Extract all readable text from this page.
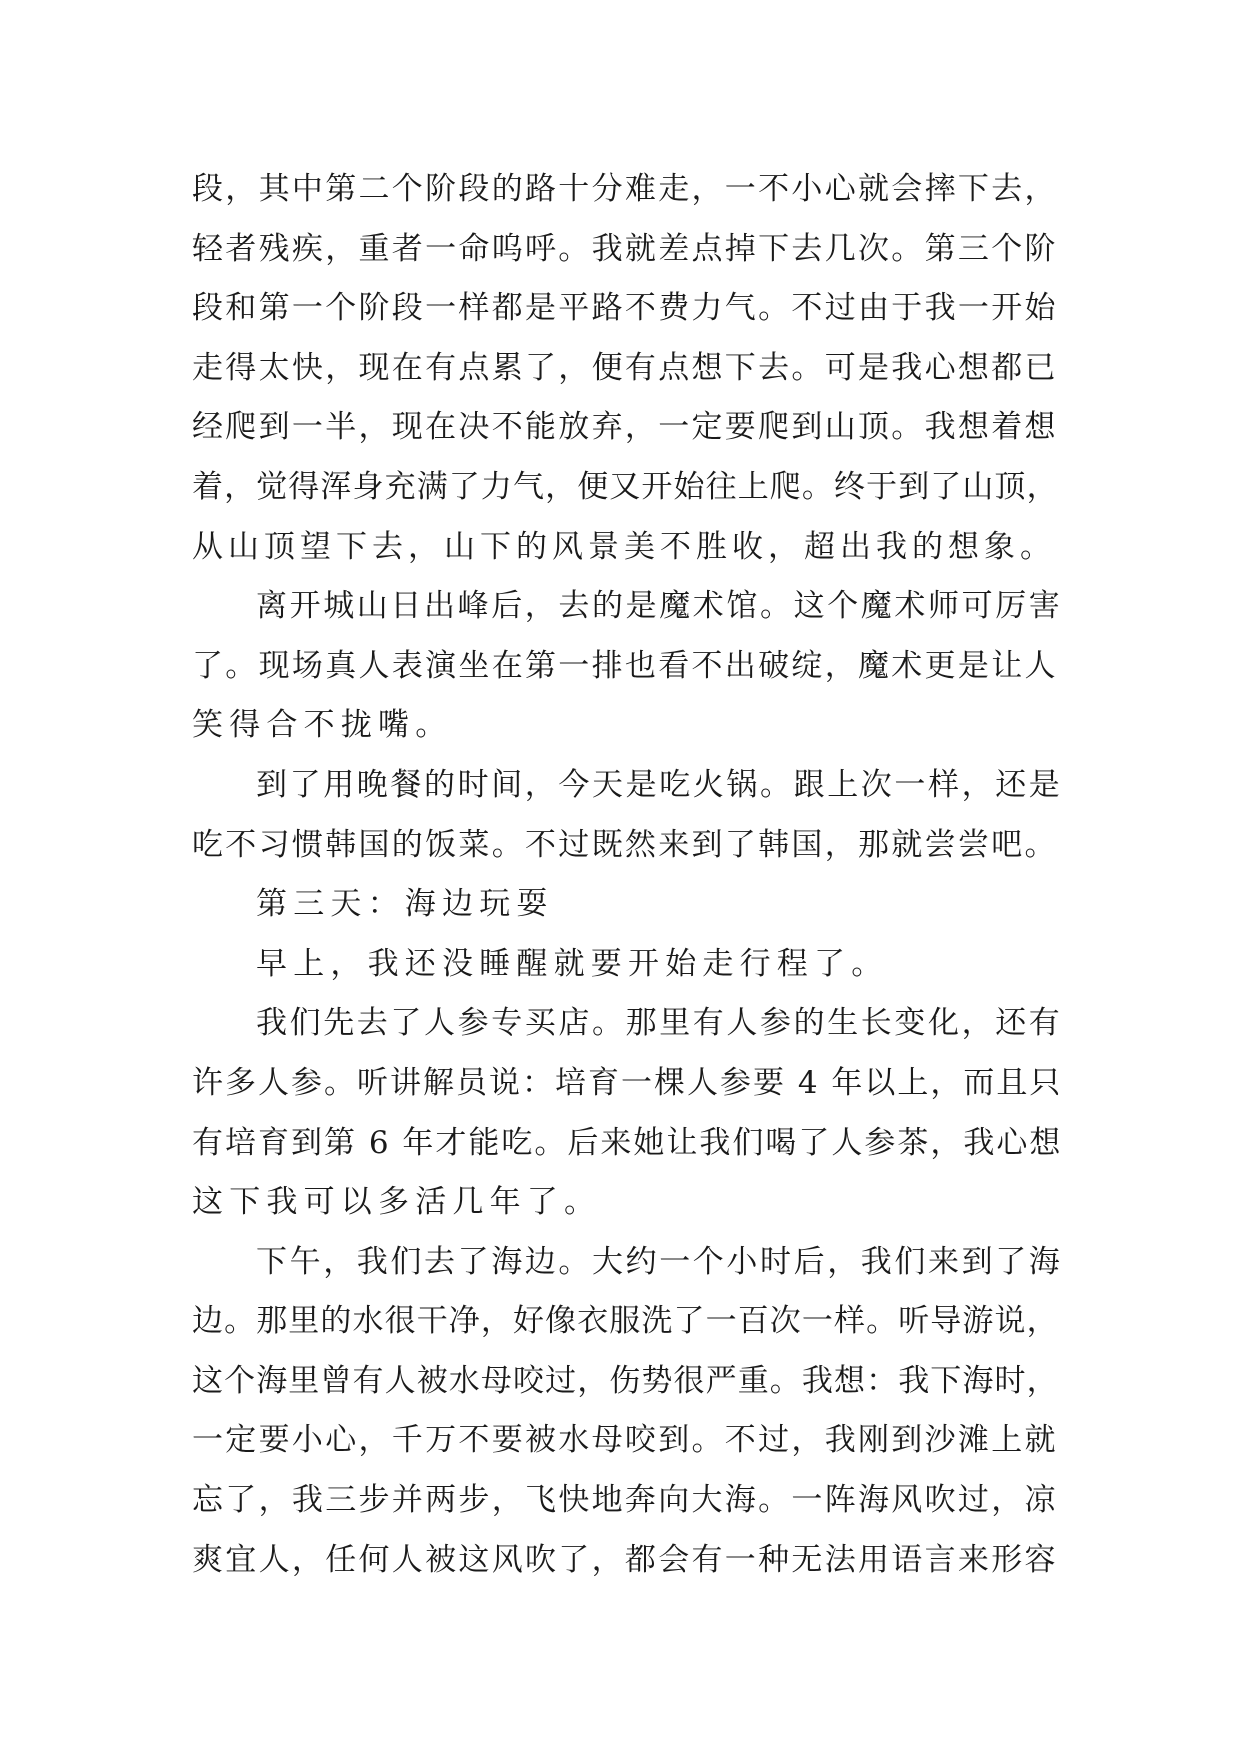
段，其中第二个阶段的路十分难走，一不小心就会摔下去，
轻者残疾，重者一命呜呼。我就差点掉下去几次。第三个阶
段和第一个阶段一样都是平路不费力气。不过由于我一开始
走得太快，现在有点累了，便有点想下去。可是我心想都已
经爬到一半，现在决不能放弃，一定要爬到山顶。我想着想
着，觉得浑身充满了力气，便又开始往上爬。终于到了山顶，
从山顶望下去，山下的风景美不胜收，超出我的想象。
离开城山日出峰后，去的是魔术馆。这个魔术师可厉害
了。现场真人表演坐在第一排也看不出破绽，魔术更是让人
笑得合不拢嘴。
到了用晚餐的时间，今天是吃火锅。跟上次一样，还是
吃不习惯韩国的饭菜。不过既然来到了韩国，那就尝尝吧。
第三天：海边玩耍
早上，我还没睡醒就要开始走行程了。
我们先去了人参专买店。那里有人参的生长变化，还有
许多人参。听讲解员说：培育一棵人参要 4 年以上，而且只
有培育到第 6 年才能吃。后来她让我们喝了人参茶，我心想
这下我可以多活几年了。
下午，我们去了海边。大约一个小时后，我们来到了海
边。那里的水很干净，好像衣服洗了一百次一样。听导游说，
这个海里曾有人被水母咬过，伤势很严重。我想：我下海时，
一定要小心，千万不要被水母咬到。不过，我刚到沙滩上就
忘了，我三步并两步，飞快地奔向大海。一阵海风吹过，凉
爽宜人，任何人被这风吹了，都会有一种无法用语言来形容
